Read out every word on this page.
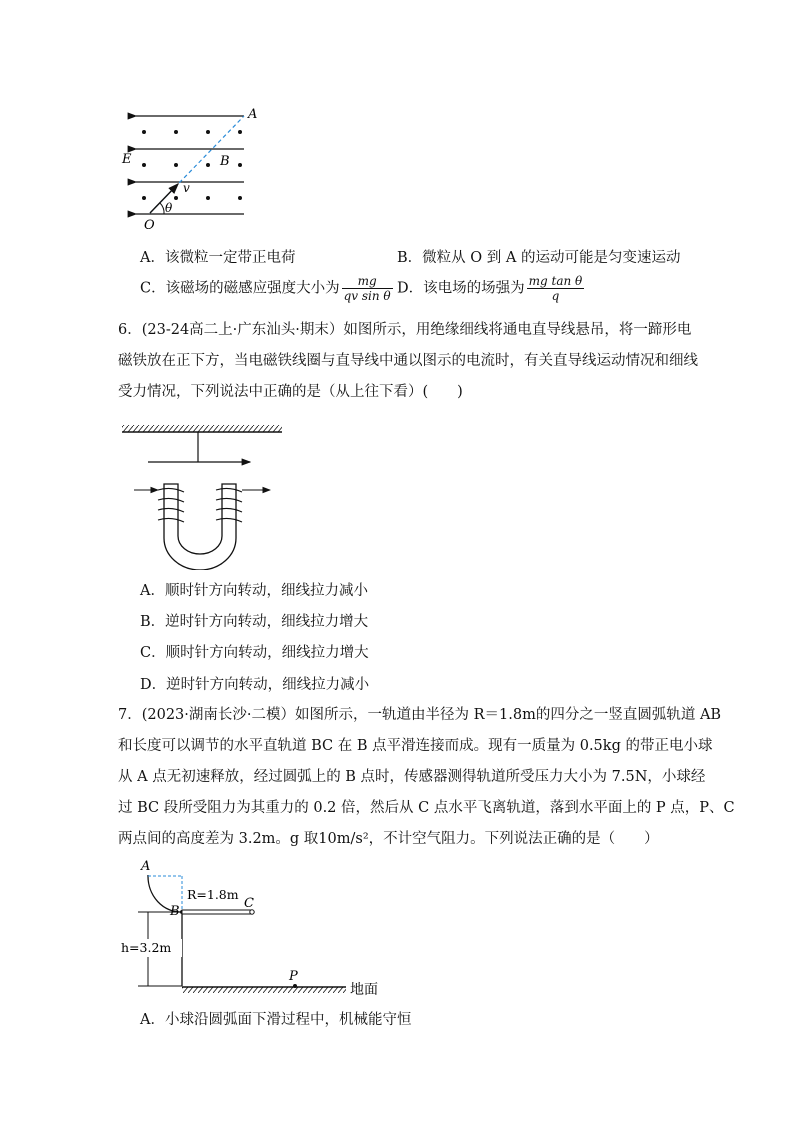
A
E	B
v
θ
O
A．该微粒一定带正电荷	B．微粒从 O 到 A 的运动可能是匀变速运动
C．该磁场的磁感应强度大小为 $\frac{mg}{\text{qv sin θ}}$ D．该电场的场强为 $\frac{\text{mg tan θ}}{q}$
6．(23-24高二上·广东汕头·期末）如图所示，用绝缘细线将通电直导线悬吊，将一蹄形电
磁铁放在正下方，当电磁铁线圈与直导线中通以图示的电流时，有关直导线运动情况和细线
受力情况，下列说法中正确的是（从上往下看）(　　)
A．顺时针方向转动，细线拉力减小
B．逆时针方向转动，细线拉力增大
C．顺时针方向转动，细线拉力增大
D．逆时针方向转动，细线拉力减小
7．(2023·湖南长沙·二模）如图所示，一轨道由半径为 R＝1.8m的四分之一竖直圆弧轨道 AB
和长度可以调节的水平直轨道 BC 在 B 点平滑连接而成。现有一质量为 0.5kg 的带正电小球
从 A 点无初速释放，经过圆弧上的 B 点时，传感器测得轨道所受压力大小为 7.5N，小球经
过 BC 段所受阻力为其重力的 0.2 倍，然后从 C 点水平飞离轨道，落到水平面上的 P 点，P、C
两点间的高度差为 3.2m。g 取10m/s²，不计空气阻力。下列说法正确的是（　　）
A
B
R=1.8m
C
h=3.2m
P
地面
A．小球沿圆弧面下滑过程中，机械能守恒
